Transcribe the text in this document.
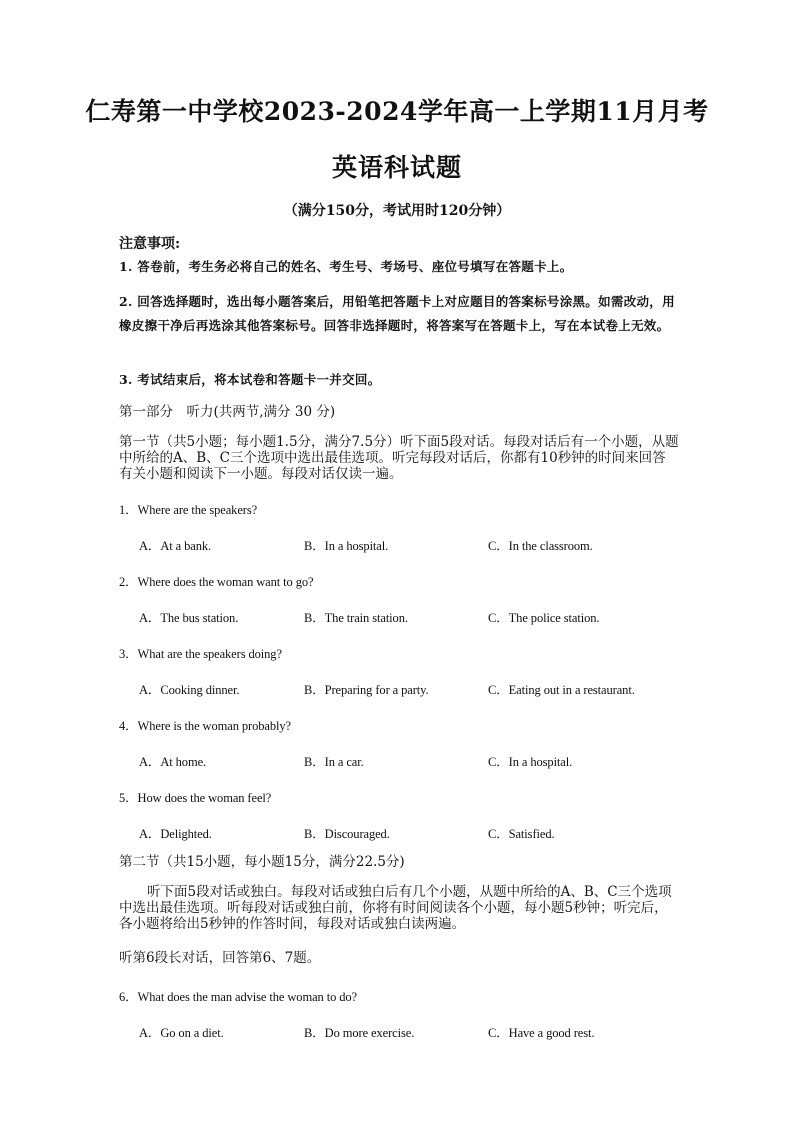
仁寿第一中学校2023-2024学年高一上学期11月月考
英语科试题
（满分150分，考试用时120分钟）
注意事项:
1. 答卷前，考生务必将自己的姓名、考生号、考场号、座位号填写在答题卡上。
2. 回答选择题时，选出每小题答案后，用铅笔把答题卡上对应题目的答案标号涂黑。如需改动，用橡皮擦干净后再选涂其他答案标号。回答非选择题时，将答案写在答题卡上，写在本试卷上无效。
3. 考试结束后，将本试卷和答题卡一并交回。
第一部分　听力(共两节,满分 30 分)
第一节（共5小题；每小题1.5分，满分7.5分）听下面5段对话。每段对话后有一个小题，从题中所给的A、B、C三个选项中选出最佳选项。听完每段对话后，你都有10秒钟的时间来回答有关小题和阅读下一小题。每段对话仅读一遍。
1．Where are the speakers?
A．At a bank.	B．In a hospital.	C．In the classroom.
2．Where does the woman want to go?
A．The bus station.	B．The train station.	C．The police station.
3．What are the speakers doing?
A．Cooking dinner.	B．Preparing for a party.	C．Eating out in a restaurant.
4．Where is the woman probably?
A．At home.	B．In a car.	C．In a hospital.
5．How does the woman feel?
A．Delighted.	B．Discouraged.	C．Satisfied.
第二节（共15小题，每小题15分，满分22.5分)
听下面5段对话或独白。每段对话或独白后有几个小题，从题中所给的A、B、C三个选项中选出最佳选项。听每段对话或独白前，你将有时间阅读各个小题，每小题5秒钟；听完后，各小题将给出5秒钟的作答时间，每段对话或独白读两遍。
听第6段长对话，回答第6、7题。
6．What does the man advise the woman to do?
A．Go on a diet.	B．Do more exercise.	C．Have a good rest.
